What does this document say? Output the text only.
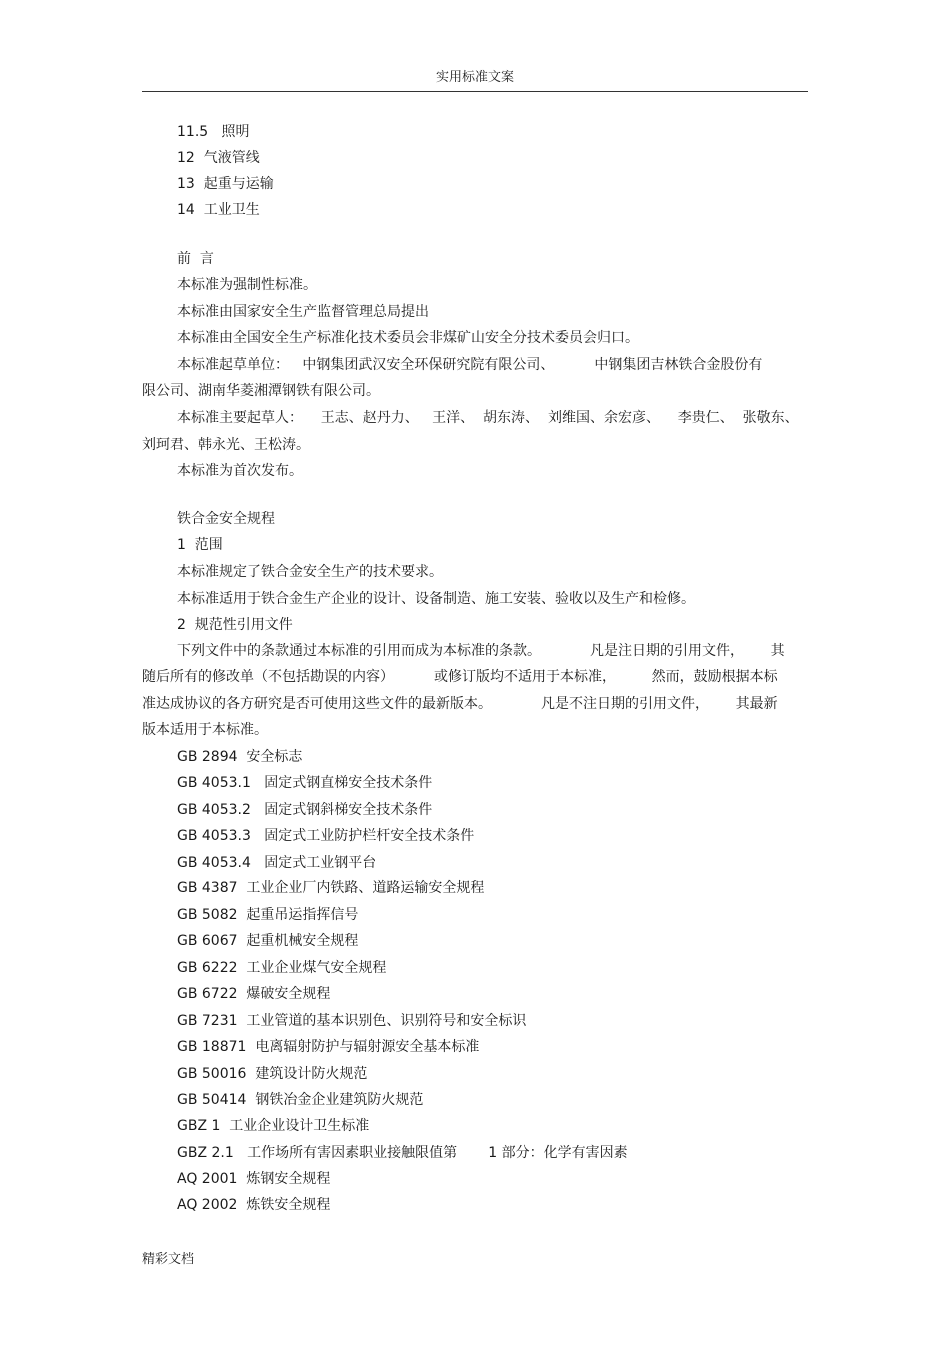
实用标准文案
11.5   照明
12  气液管线
13  起重与运输
14  工业卫生
前  言
本标准为强制性标准。
本标准由国家安全生产监督管理总局提出
本标准由全国安全生产标准化技术委员会非煤矿山安全分技术委员会归口。
本标准起草单位：   中钢集团武汉安全环保研究院有限公司、         中钢集团吉林铁合金股份有
限公司、湖南华菱湘潭钢铁有限公司。
本标准主要起草人：    王志、赵丹力、   王洋、  胡东涛、  刘维国、余宏彦、    李贵仁、  张敬东、
刘珂君、韩永光、王松涛。
本标准为首次发布。
铁合金安全规程
1  范围
本标准规定了铁合金安全生产的技术要求。
本标准适用于铁合金生产企业的设计、设备制造、施工安装、验收以及生产和检修。
2  规范性引用文件
下列文件中的条款通过本标准的引用而成为本标准的条款。           凡是注日期的引用文件，      其
随后所有的修改单（不包括勘误的内容）         或修订版均不适用于本标准，        然而，鼓励根据本标
准达成协议的各方研究是否可使用这些文件的最新版本。           凡是不注日期的引用文件，      其最新
版本适用于本标准。
GB 2894  安全标志
GB 4053.1   固定式钢直梯安全技术条件
GB 4053.2   固定式钢斜梯安全技术条件
GB 4053.3   固定式工业防护栏杆安全技术条件
GB 4053.4   固定式工业钢平台
GB 4387  工业企业厂内铁路、道路运输安全规程
GB 5082  起重吊运指挥信号
GB 6067  起重机械安全规程
GB 6222  工业企业煤气安全规程
GB 6722  爆破安全规程
GB 7231  工业管道的基本识别色、识别符号和安全标识
GB 18871  电离辐射防护与辐射源安全基本标准
GB 50016  建筑设计防火规范
GB 50414  钢铁冶金企业建筑防火规范
GBZ 1  工业企业设计卫生标准
GBZ 2.1   工作场所有害因素职业接触限值第       1 部分：化学有害因素
AQ 2001  炼钢安全规程
AQ 2002  炼铁安全规程
精彩文档
